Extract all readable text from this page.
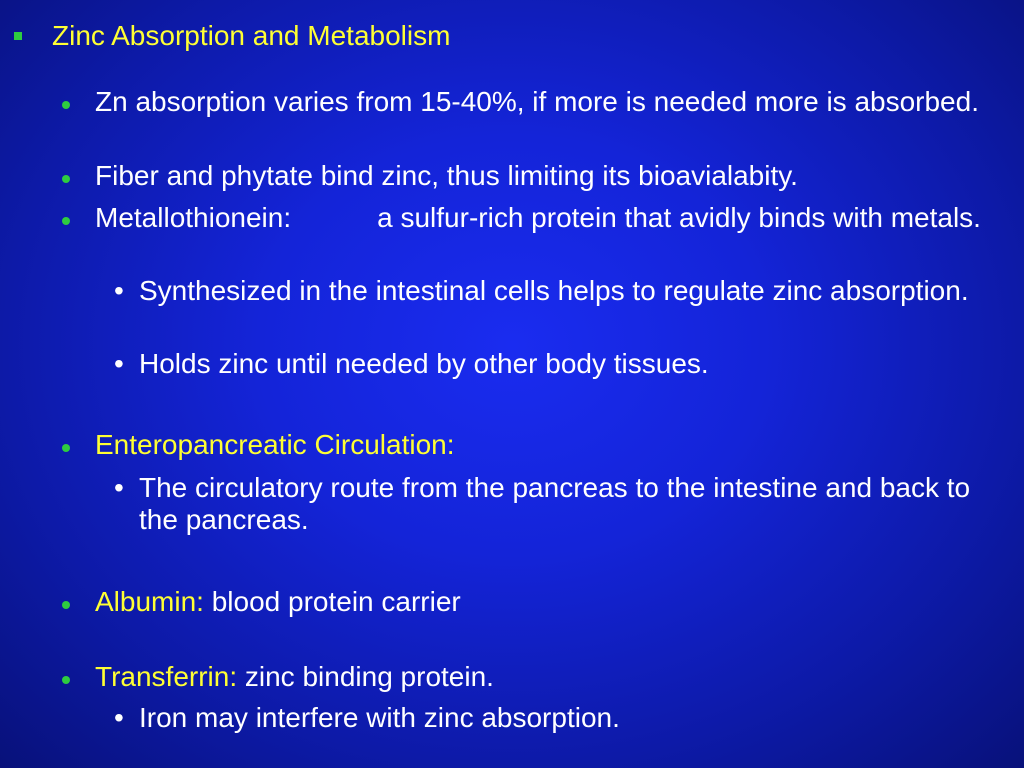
Zinc Absorption and Metabolism
Zn absorption varies from 15-40%, if more is needed more is absorbed.
Fiber and phytate bind zinc, thus limiting its bioavialabity.
Metallothionein:	a sulfur-rich protein that avidly binds with metals.
• Synthesized in the intestinal cells helps to regulate zinc absorption.
• Holds zinc until needed by other body tissues.
Enteropancreatic Circulation:
• The circulatory route from the pancreas to the intestine and back to the pancreas.
Albumin: blood protein carrier
Transferrin: zinc binding protein.
• Iron may interfere with zinc absorption.
